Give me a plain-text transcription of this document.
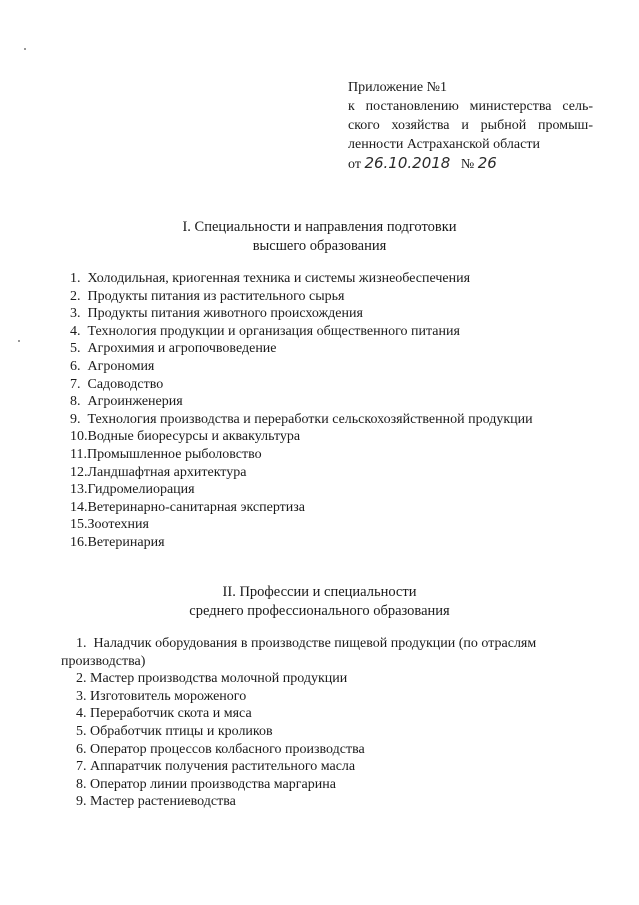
Приложение №1
к постановлению министерства сель-
ского хозяйства и рыбной промыш-
ленности Астраханской области
от 26.10.2018 № 26
I. Специальности и направления подготовки
высшего образования
1. Холодильная, криогенная техника и системы жизнеобеспечения
2. Продукты питания из растительного сырья
3. Продукты питания животного происхождения
4. Технология продукции и организация общественного питания
5. Агрохимия и агропочвоведение
6. Агрономия
7. Садоводство
8. Агроинженерия
9. Технология производства и переработки сельскохозяйственной продукции
10.Водные биоресурсы и аквакультура
11.Промышленное рыболовство
12.Ландшафтная архитектура
13.Гидромелиорация
14.Ветеринарно-санитарная экспертиза
15.Зоотехния
16.Ветеринария
II. Профессии и специальности
среднего профессионального образования
1. Наладчик оборудования в производстве пищевой продукции (по отраслям
производства)
2. Мастер производства молочной продукции
3. Изготовитель мороженого
4. Переработчик скота и мяса
5. Обработчик птицы и кроликов
6. Оператор процессов колбасного производства
7. Аппаратчик получения растительного масла
8. Оператор линии производства маргарина
9. Мастер растениеводства
